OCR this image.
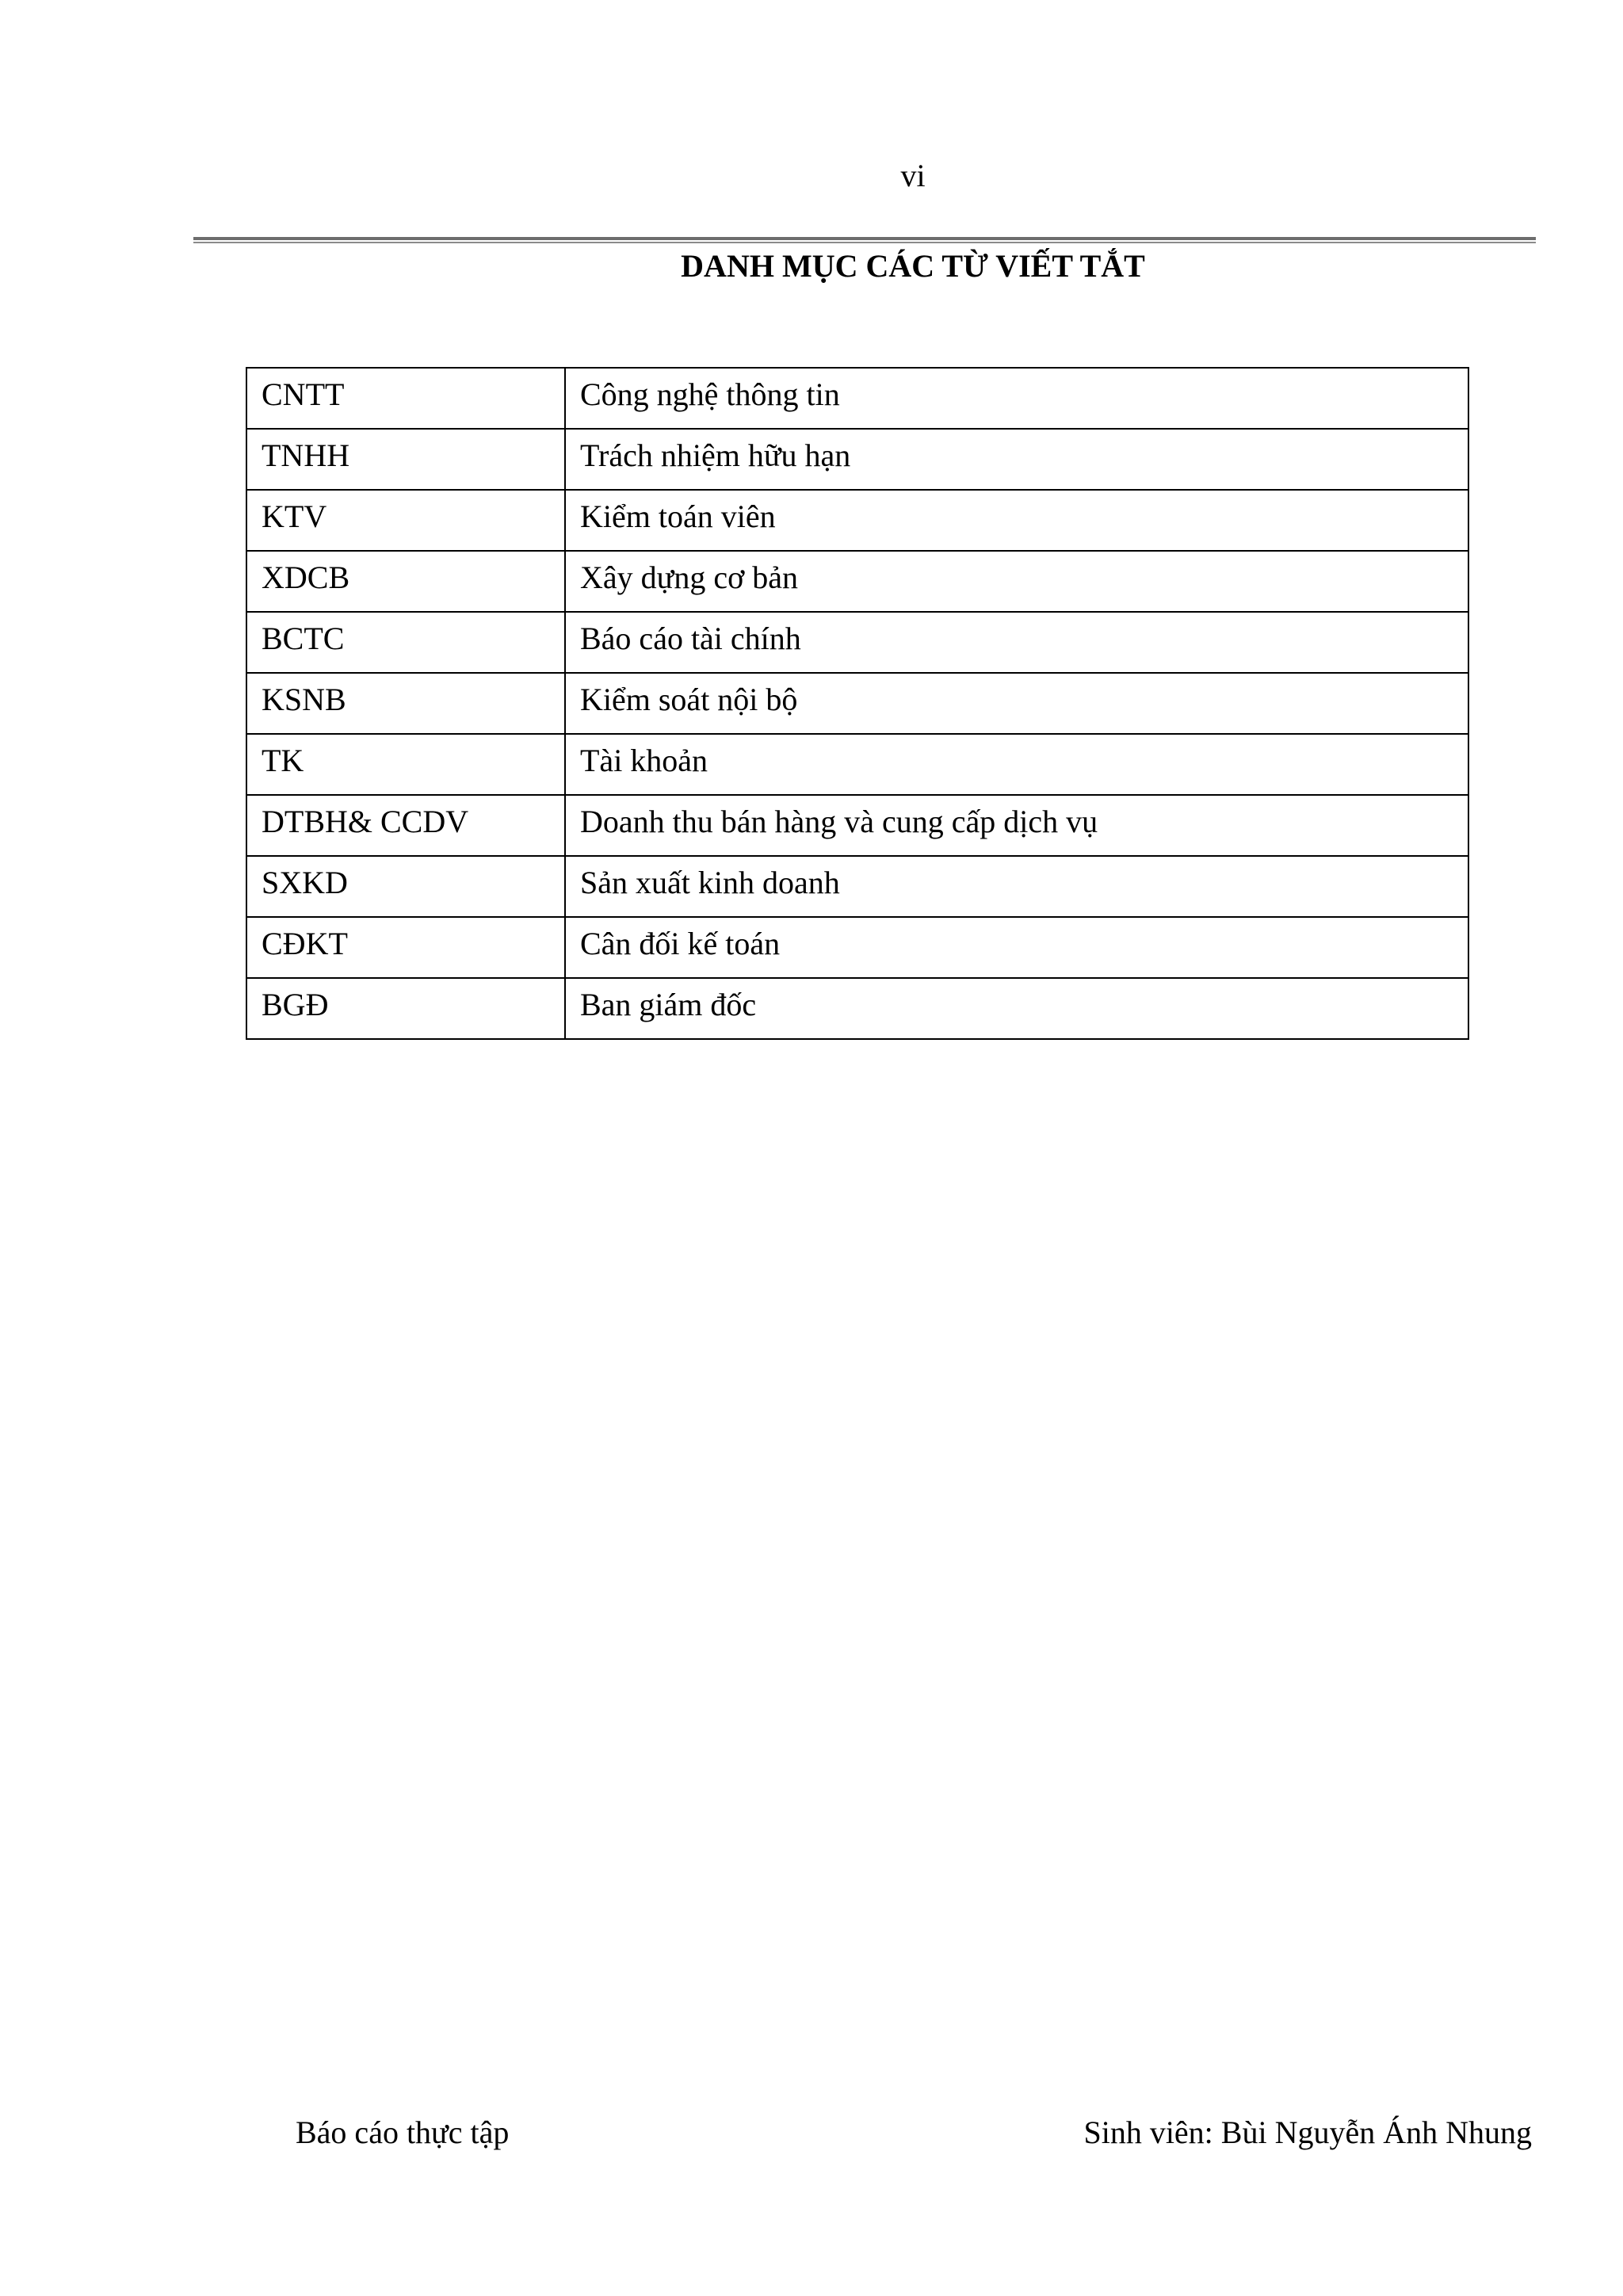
vi
DANH MỤC CÁC TỪ VIẾT TẮT
CNTT	Công nghệ thông tin

TNHH	Trách nhiệm hữu hạn

KTV	Kiểm toán viên

XDCB	Xây dựng cơ bản

BCTC	Báo cáo tài chính

KSNB	Kiểm soát nội bộ

TK	Tài khoản

DTBH& CCDV	Doanh thu bán hàng và cung cấp dịch vụ

SXKD	Sản xuất kinh doanh

CĐKT	Cân đối kế toán

BGĐ	Ban giám đốc
Báo cáo thực tập	Sinh viên: Bùi Nguyễn Ánh Nhung
